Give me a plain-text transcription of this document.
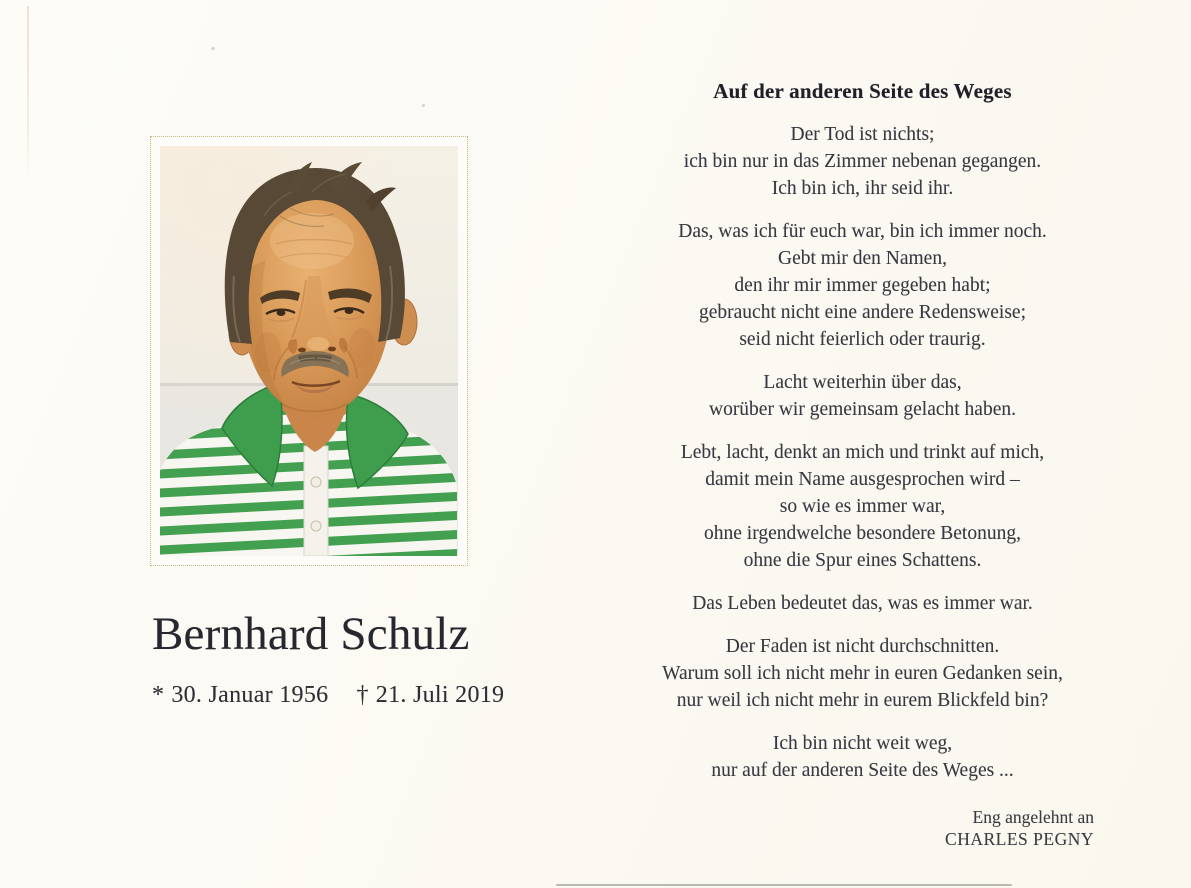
Bernhard Schulz
* 30. Januar 1956 † 21. Juli 2019
Auf der anderen Seite des Weges

Der Tod ist nichts;
ich bin nur in das Zimmer nebenan gegangen.
Ich bin ich, ihr seid ihr.

Das, was ich für euch war, bin ich immer noch.
Gebt mir den Namen,
den ihr mir immer gegeben habt;
gebraucht nicht eine andere Redensweise;
seid nicht feierlich oder traurig.

Lacht weiterhin über das,
worüber wir gemeinsam gelacht haben.

Lebt, lacht, denkt an mich und trinkt auf mich,
damit mein Name ausgesprochen wird –
so wie es immer war,
ohne irgendwelche besondere Betonung,
ohne die Spur eines Schattens.

Das Leben bedeutet das, was es immer war.

Der Faden ist nicht durchschnitten.
Warum soll ich nicht mehr in euren Gedanken sein,
nur weil ich nicht mehr in eurem Blickfeld bin?

Ich bin nicht weit weg,
nur auf der anderen Seite des Weges ...

Eng angelehnt an
CHARLES PEGNY
